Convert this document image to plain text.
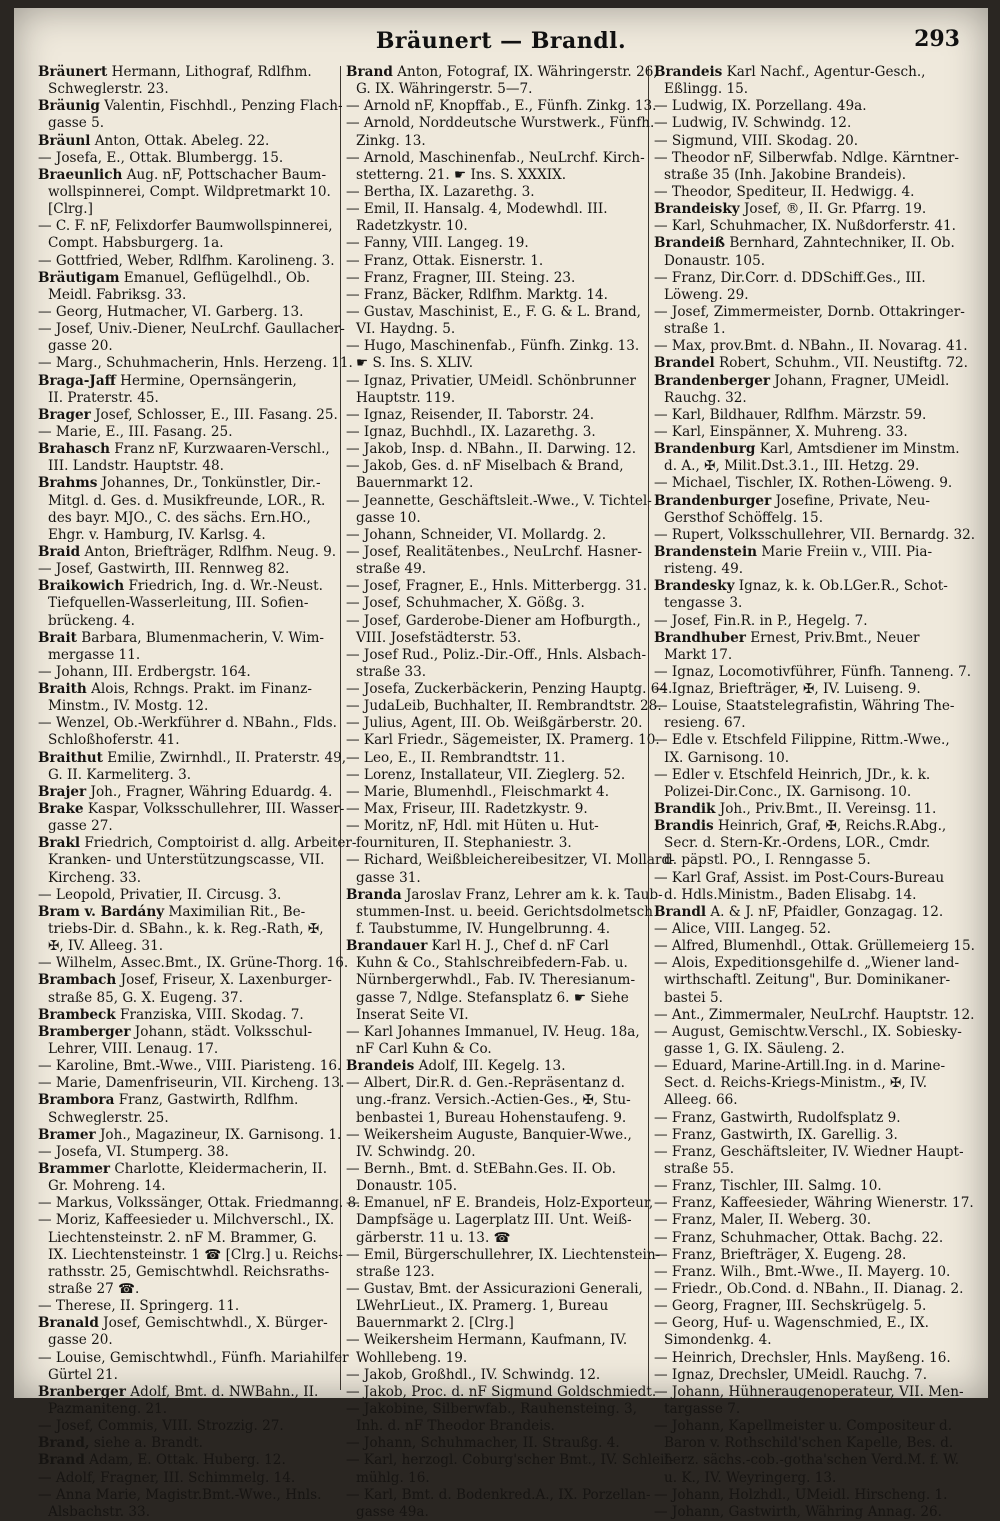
Bräunert — Brandl.	293
Bräunert Hermann, Lithograf, Rdlfhm.
Schweglerstr. 23.
Bräunig Valentin, Fischhdl., Penzing Flach-
gasse 5.
Bräunl Anton, Ottak. Abeleg. 22.
— Josefa, E., Ottak. Blumbergg. 15.
Braeunlich Aug. nF, Pottschacher Baum-
wollspinnerei, Compt. Wildpretmarkt 10.
[Clrg.]
— C. F. nF, Felixdorfer Baumwollspinnerei,
Compt. Habsburgerg. 1a.
— Gottfried, Weber, Rdlfhm. Karolineng. 3.
Bräutigam Emanuel, Geflügelhdl., Ob.
Meidl. Fabriksg. 33.
— Georg, Hutmacher, VI. Garberg. 13.
— Josef, Univ.-Diener, NeuLrchf. Gaullacher-
gasse 20.
— Marg., Schuhmacherin, Hnls. Herzeng. 11.
Braga-Jaff Hermine, Opernsängerin,
II. Praterstr. 45.
Brager Josef, Schlosser, E., III. Fasang. 25.
— Marie, E., III. Fasang. 25.
Brahasch Franz nF, Kurzwaaren-Verschl.,
III. Landstr. Hauptstr. 48.
Brahms Johannes, Dr., Tonkünstler, Dir.-
Mitgl. d. Ges. d. Musikfreunde, LOR., R.
des bayr. MJO., C. des sächs. Ern.HO.,
Ehgr. v. Hamburg, IV. Karlsg. 4.
Braid Anton, Briefträger, Rdlfhm. Neug. 9.
— Josef, Gastwirth, III. Rennweg 82.
Braikowich Friedrich, Ing. d. Wr.-Neust.
Tiefquellen-Wasserleitung, III. Sofien-
brückeng. 4.
Brait Barbara, Blumenmacherin, V. Wim-
mergasse 11.
— Johann, III. Erdbergstr. 164.
Braith Alois, Rchngs. Prakt. im Finanz-
Minstm., IV. Mostg. 12.
— Wenzel, Ob.-Werkführer d. NBahn., Flds.
Schloßhoferstr. 41.
Braithut Emilie, Zwirnhdl., II. Praterstr. 49,
G. II. Karmeliterg. 3.
Brajer Joh., Fragner, Währing Eduardg. 4.
Brake Kaspar, Volksschullehrer, III. Wasser-
gasse 27.
Brakl Friedrich, Comptoirist d. allg. Arbeiter-
Kranken- und Unterstützungscasse, VII.
Kircheng. 33.
— Leopold, Privatier, II. Circusg. 3.
Bram v. Bardány Maximilian Rit., Be-
triebs-Dir. d. SBahn., k. k. Reg.-Rath, ✠,
✠, IV. Alleeg. 31.
— Wilhelm, Assec.Bmt., IX. Grüne-Thorg. 16.
Brambach Josef, Friseur, X. Laxenburger-
straße 85, G. X. Eugeng. 37.
Brambeck Franziska, VIII. Skodag. 7.
Bramberger Johann, städt. Volksschul-
Lehrer, VIII. Lenaug. 17.
— Karoline, Bmt.-Wwe., VIII. Piaristeng. 16.
— Marie, Damenfriseurin, VII. Kircheng. 13.
Brambora Franz, Gastwirth, Rdlfhm.
Schweglerstr. 25.
Bramer Joh., Magazineur, IX. Garnisong. 1.
— Josefa, VI. Stumperg. 38.
Brammer Charlotte, Kleidermacherin, II.
Gr. Mohreng. 14.
— Markus, Volkssänger, Ottak. Friedmanng. 8.
— Moriz, Kaffeesieder u. Milchverschl., IX.
Liechtensteinstr. 2. nF M. Brammer, G.
IX. Liechtensteinstr. 1 ☎ [Clrg.] u. Reichs-
rathsstr. 25, Gemischtwhdl. Reichsraths-
straße 27 ☎.
— Therese, II. Springerg. 11.
Branald Josef, Gemischtwhdl., X. Bürger-
gasse 20.
— Louise, Gemischtwhdl., Fünfh. Mariahilfer
Gürtel 21.
Branberger Adolf, Bmt. d. NWBahn., II.
Pazmaniteng. 21.
— Josef, Commis, VIII. Strozzig. 27.
Brand, siehe a. Brandt.
Brand Adam, E. Ottak. Huberg. 12.
— Adolf, Fragner, III. Schimmelg. 14.
— Anna Marie, Magistr.Bmt.-Wwe., Hnls.
Alsbachstr. 33.
Brand Anton, Fotograf, IX. Währingerstr. 26,
G. IX. Währingerstr. 5—7.
— Arnold nF, Knopffab., E., Fünfh. Zinkg. 13.
— Arnold, Norddeutsche Wurstwerk., Fünfh.
Zinkg. 13.
— Arnold, Maschinenfab., NeuLrchf. Kirch-
stetterng. 21. ☛ Ins. S. XXXIX.
— Bertha, IX. Lazarethg. 3.
— Emil, II. Hansalg. 4, Modewhdl. III.
Radetzkystr. 10.
— Fanny, VIII. Langeg. 19.
— Franz, Ottak. Eisnerstr. 1.
— Franz, Fragner, III. Steing. 23.
— Franz, Bäcker, Rdlfhm. Marktg. 14.
— Gustav, Maschinist, E., F. G. & L. Brand,
VI. Haydng. 5.
— Hugo, Maschinenfab., Fünfh. Zinkg. 13.
☛ S. Ins. S. XLIV.
— Ignaz, Privatier, UMeidl. Schönbrunner
Hauptstr. 119.
— Ignaz, Reisender, II. Taborstr. 24.
— Ignaz, Buchhdl., IX. Lazarethg. 3.
— Jakob, Insp. d. NBahn., II. Darwing. 12.
— Jakob, Ges. d. nF Miselbach & Brand,
Bauernmarkt 12.
— Jeannette, Geschäftsleit.-Wwe., V. Tichtel-
gasse 10.
— Johann, Schneider, VI. Mollardg. 2.
— Josef, Realitätenbes., NeuLrchf. Hasner-
straße 49.
— Josef, Fragner, E., Hnls. Mitterbergg. 31.
— Josef, Schuhmacher, X. Gößg. 3.
— Josef, Garderobe-Diener am Hofburgth.,
VIII. Josefstädterstr. 53.
— Josef Rud., Poliz.-Dir.-Off., Hnls. Alsbach-
straße 33.
— Josefa, Zuckerbäckerin, Penzing Hauptg. 64.
— JudaLeib, Buchhalter, II. Rembrandtstr. 28.
— Julius, Agent, III. Ob. Weißgärberstr. 20.
— Karl Friedr., Sägemeister, IX. Pramerg. 10.
— Leo, E., II. Rembrandtstr. 11.
— Lorenz, Installateur, VII. Zieglerg. 52.
— Marie, Blumenhdl., Fleischmarkt 4.
— Max, Friseur, III. Radetzkystr. 9.
— Moritz, nF, Hdl. mit Hüten u. Hut-
fournituren, II. Stephaniestr. 3.
— Richard, Weißbleichereibesitzer, VI. Mollard-
gasse 31.
Branda Jaroslav Franz, Lehrer am k. k. Taub-
stummen-Inst. u. beeid. Gerichtsdolmetsch
f. Taubstumme, IV. Hungelbrunng. 4.
Brandauer Karl H. J., Chef d. nF Carl
Kuhn & Co., Stahlschreibfedern-Fab. u.
Nürnbergerwhdl., Fab. IV. Theresianum-
gasse 7, Ndlge. Stefansplatz 6. ☛ Siehe
Inserat Seite VI.
— Karl Johannes Immanuel, IV. Heug. 18a,
nF Carl Kuhn & Co.
Brandeis Adolf, III. Kegelg. 13.
— Albert, Dir.R. d. Gen.-Repräsentanz d.
ung.-franz. Versich.-Actien-Ges., ✠, Stu-
benbastei 1, Bureau Hohenstaufeng. 9.
— Weikersheim Auguste, Banquier-Wwe.,
IV. Schwindg. 20.
— Bernh., Bmt. d. StEBahn.Ges. II. Ob.
Donaustr. 105.
— Emanuel, nF E. Brandeis, Holz-Exporteur,
Dampfsäge u. Lagerplatz III. Unt. Weiß-
gärberstr. 11 u. 13. ☎
— Emil, Bürgerschullehrer, IX. Liechtenstein-
straße 123.
— Gustav, Bmt. der Assicurazioni Generali,
LWehrLieut., IX. Pramerg. 1, Bureau
Bauernmarkt 2. [Clrg.]
— Weikersheim Hermann, Kaufmann, IV.
Wohllebeng. 19.
— Jakob, Großhdl., IV. Schwindg. 12.
— Jakob, Proc. d. nF Sigmund Goldschmiedt.
— Jakobine, Silberwfab., Rauhensteing. 3,
Inh. d. nF Theodor Brandeis.
— Johann, Schuhmacher, II. Straußg. 4.
— Karl, herzogl. Coburg'scher Bmt., IV. Schleif-
mühlg. 16.
— Karl, Bmt. d. Bodenkred.A., IX. Porzellan-
gasse 49a.
Brandeis Karl Nachf., Agentur-Gesch.,
Eßlingg. 15.
— Ludwig, IX. Porzellang. 49a.
— Ludwig, IV. Schwindg. 12.
— Sigmund, VIII. Skodag. 20.
— Theodor nF, Silberwfab. Ndlge. Kärntner-
straße 35 (Inh. Jakobine Brandeis).
— Theodor, Spediteur, II. Hedwigg. 4.
Brandeisky Josef, ®, II. Gr. Pfarrg. 19.
— Karl, Schuhmacher, IX. Nußdorferstr. 41.
Brandeiß Bernhard, Zahntechniker, II. Ob.
Donaustr. 105.
— Franz, Dir.Corr. d. DDSchiff.Ges., III.
Löweng. 29.
— Josef, Zimmermeister, Dornb. Ottakringer-
straße 1.
— Max, prov.Bmt. d. NBahn., II. Novarag. 41.
Brandel Robert, Schuhm., VII. Neustiftg. 72.
Brandenberger Johann, Fragner, UMeidl.
Rauchg. 32.
— Karl, Bildhauer, Rdlfhm. Märzstr. 59.
— Karl, Einspänner, X. Muhreng. 33.
Brandenburg Karl, Amtsdiener im Minstm.
d. A., ✠, Milit.Dst.3.1., III. Hetzg. 29.
— Michael, Tischler, IX. Rothen-Löweng. 9.
Brandenburger Josefine, Private, Neu-
Gersthof Schöffelg. 15.
— Rupert, Volksschullehrer, VII. Bernardg. 32.
Brandenstein Marie Freiin v., VIII. Pia-
risteng. 49.
Brandesky Ignaz, k. k. Ob.LGer.R., Schot-
tengasse 3.
— Josef, Fin.R. in P., Hegelg. 7.
Brandhuber Ernest, Priv.Bmt., Neuer
Markt 17.
— Ignaz, Locomotivführer, Fünfh. Tanneng. 7.
— Ignaz, Briefträger, ✠, IV. Luiseng. 9.
— Louise, Staatstelegrafistin, Währing The-
resieng. 67.
— Edle v. Etschfeld Filippine, Rittm.-Wwe.,
IX. Garnisong. 10.
— Edler v. Etschfeld Heinrich, JDr., k. k.
Polizei-Dir.Conc., IX. Garnisong. 10.
Brandik Joh., Priv.Bmt., II. Vereinsg. 11.
Brandis Heinrich, Graf, ✠, Reichs.R.Abg.,
Secr. d. Stern-Kr.-Ordens, LOR., Cmdr.
d. päpstl. PO., I. Renngasse 5.
— Karl Graf, Assist. im Post-Cours-Bureau
d. Hdls.Ministm., Baden Elisabg. 14.
Brandl A. & J. nF, Pfaidler, Gonzagag. 12.
— Alice, VIII. Langeg. 52.
— Alfred, Blumenhdl., Ottak. Grüllemeierg 15.
— Alois, Expeditionsgehilfe d. „Wiener land-
wirthschaftl. Zeitung", Bur. Dominikaner-
bastei 5.
— Ant., Zimmermaler, NeuLrchf. Hauptstr. 12.
— August, Gemischtw.Verschl., IX. Sobiesky-
gasse 1, G. IX. Säuleng. 2.
— Eduard, Marine-Artill.Ing. in d. Marine-
Sect. d. Reichs-Kriegs-Ministm., ✠, IV.
Alleeg. 66.
— Franz, Gastwirth, Rudolfsplatz 9.
— Franz, Gastwirth, IX. Garellig. 3.
— Franz, Geschäftsleiter, IV. Wiedner Haupt-
straße 55.
— Franz, Tischler, III. Salmg. 10.
— Franz, Kaffeesieder, Währing Wienerstr. 17.
— Franz, Maler, II. Weberg. 30.
— Franz, Schuhmacher, Ottak. Bachg. 22.
— Franz, Briefträger, X. Eugeng. 28.
— Franz. Wilh., Bmt.-Wwe., II. Mayerg. 10.
— Friedr., Ob.Cond. d. NBahn., II. Dianag. 2.
— Georg, Fragner, III. Sechskrügelg. 5.
— Georg, Huf- u. Wagenschmied, E., IX.
Simondenkg. 4.
— Heinrich, Drechsler, Hnls. Mayßeng. 16.
— Ignaz, Drechsler, UMeidl. Rauchg. 7.
— Johann, Hühneraugenoperateur, VII. Men-
targasse 7.
— Johann, Kapellmeister u. Compositeur d.
Baron v. Rothschild'schen Kapelle, Bes. d.
herz. sächs.-cob.-gotha'schen Verd.M. f. W.
u. K., IV. Weyringerg. 13.
— Johann, Holzhdl., UMeidl. Hirscheng. 1.
— Johann, Gastwirth, Währing Annag. 26.
